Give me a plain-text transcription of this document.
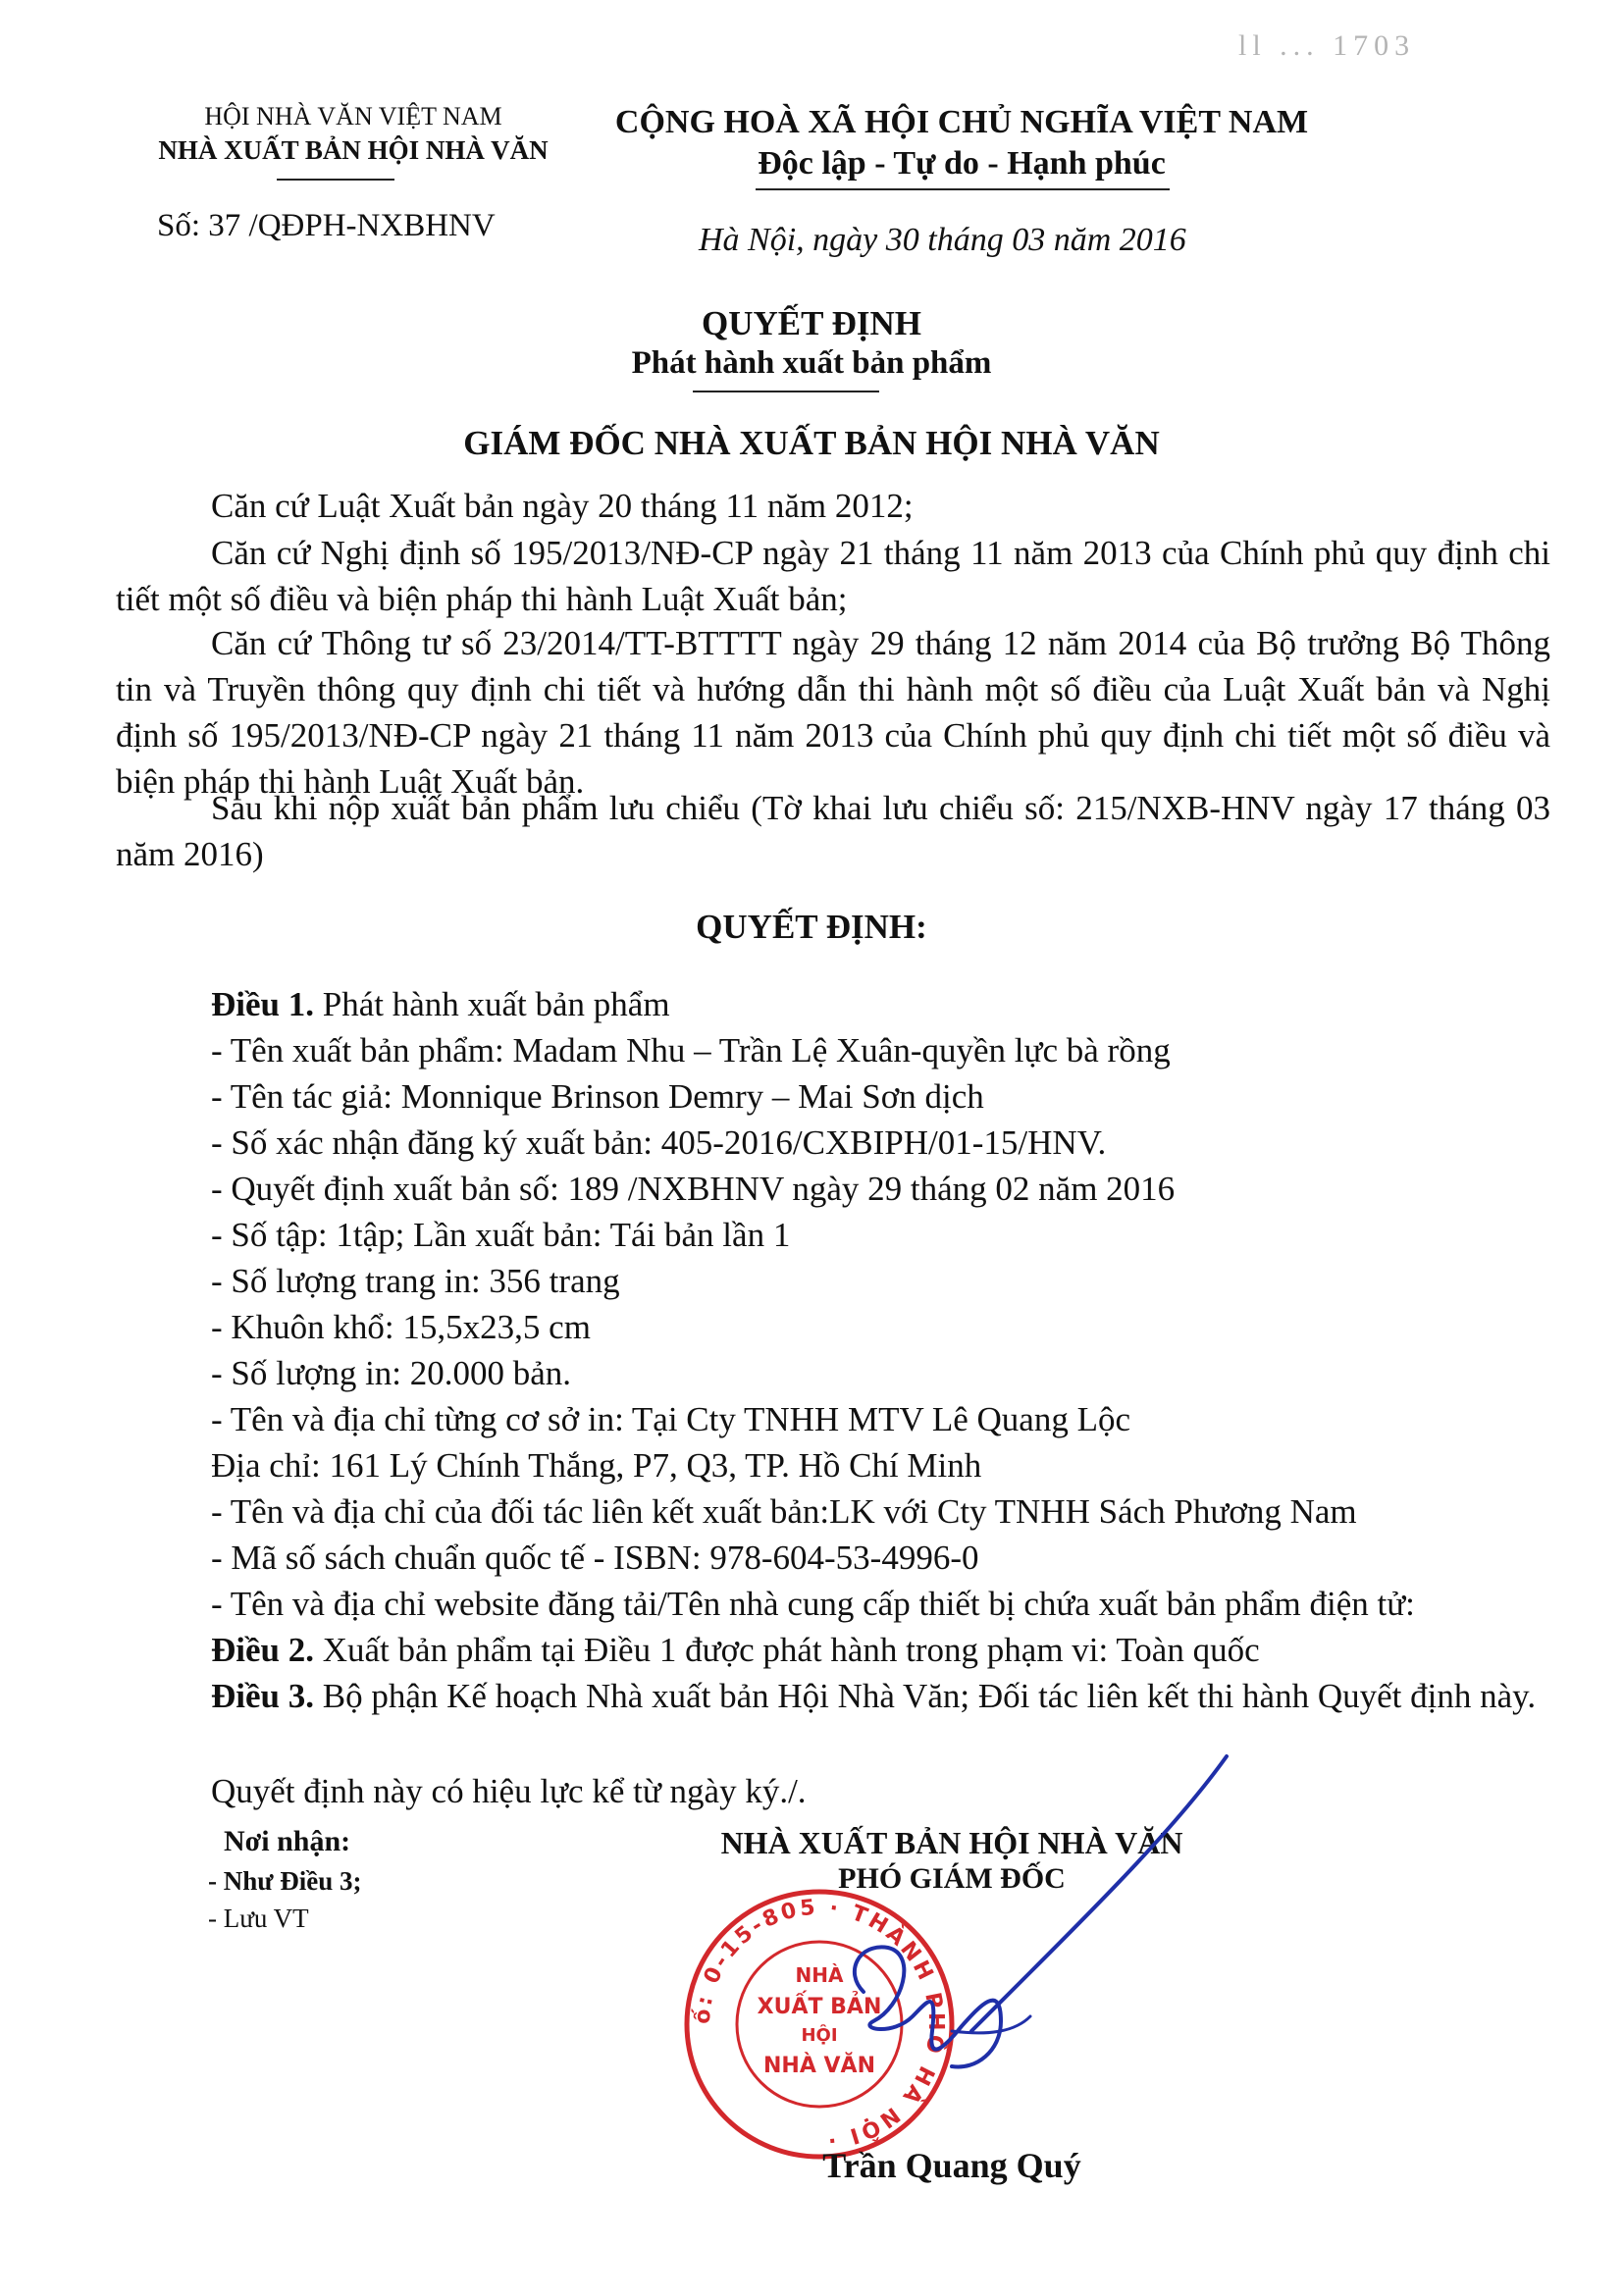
ll ... 1703
HỘI NHÀ VĂN VIỆT NAM
NHÀ XUẤT BẢN HỘI NHÀ VĂN
Số: 37 /QĐPH-NXBHNV
CỘNG HOÀ XÃ HỘI CHỦ NGHĨA VIỆT NAM
Độc lập - Tự do - Hạnh phúc
Hà Nội, ngày 30 tháng 03 năm 2016
QUYẾT ĐỊNH
Phát hành xuất bản phẩm
GIÁM ĐỐC NHÀ XUẤT BẢN HỘI NHÀ VĂN
Căn cứ Luật Xuất bản ngày 20 tháng 11 năm 2012;
Căn cứ Nghị định số 195/2013/NĐ-CP ngày 21 tháng 11 năm 2013 của Chính phủ quy định chi tiết một số điều và biện pháp thi hành Luật Xuất bản;
Căn cứ Thông tư số 23/2014/TT-BTTTT ngày 29 tháng 12 năm 2014 của Bộ trưởng Bộ Thông tin và Truyền thông quy định chi tiết và hướng dẫn thi hành một số điều của Luật Xuất bản và Nghị định số 195/2013/NĐ-CP ngày 21 tháng 11 năm 2013 của Chính phủ quy định chi tiết một số điều và biện pháp thi hành Luật Xuất bản.
Sau khi nộp xuất bản phẩm lưu chiểu (Tờ khai lưu chiểu số: 215/NXB-HNV ngày 17 tháng 03 năm 2016)
QUYẾT ĐỊNH:
Điều 1. Phát hành xuất bản phẩm
- Tên xuất bản phẩm: Madam Nhu – Trần Lệ Xuân-quyền lực bà rồng
- Tên tác giả: Monnique Brinson Demry – Mai Sơn dịch
- Số xác nhận đăng ký xuất bản: 405-2016/CXBIPH/01-15/HNV.
- Quyết định xuất bản số: 189 /NXBHNV ngày 29 tháng 02 năm 2016
- Số tập: 1tập; Lần xuất bản: Tái bản lần 1
- Số lượng trang in: 356 trang
- Khuôn khổ: 15,5x23,5 cm
- Số lượng in: 20.000 bản.
- Tên và địa chỉ từng cơ sở in: Tại Cty TNHH MTV Lê Quang Lộc
Địa chỉ: 161 Lý Chính Thắng, P7, Q3, TP. Hồ Chí Minh
- Tên và địa chỉ của đối tác liên kết xuất bản:LK với Cty TNHH Sách Phương Nam
- Mã số sách chuẩn quốc tế - ISBN: 978-604-53-4996-0
- Tên và địa chỉ website đăng tải/Tên nhà cung cấp thiết bị chứa xuất bản phẩm điện tử:
Điều 2. Xuất bản phẩm tại Điều 1 được phát hành trong phạm vi: Toàn quốc
Điều 3. Bộ phận Kế hoạch Nhà xuất bản Hội Nhà Văn; Đối tác liên kết thi hành Quyết định này.
Quyết định này có hiệu lực kể từ ngày ký./.
Nơi nhận:
- Như Điều 3;
- Lưu VT
NHÀ XUẤT BẢN HỘI NHÀ VĂN
PHÓ GIÁM ĐỐC
ố: 0-15-805 · THÀNH PHỐ HÀ NỘI ·
NHÀ
XUẤT BẢN
HỘI
NHÀ VĂN
Trần Quang Quý
